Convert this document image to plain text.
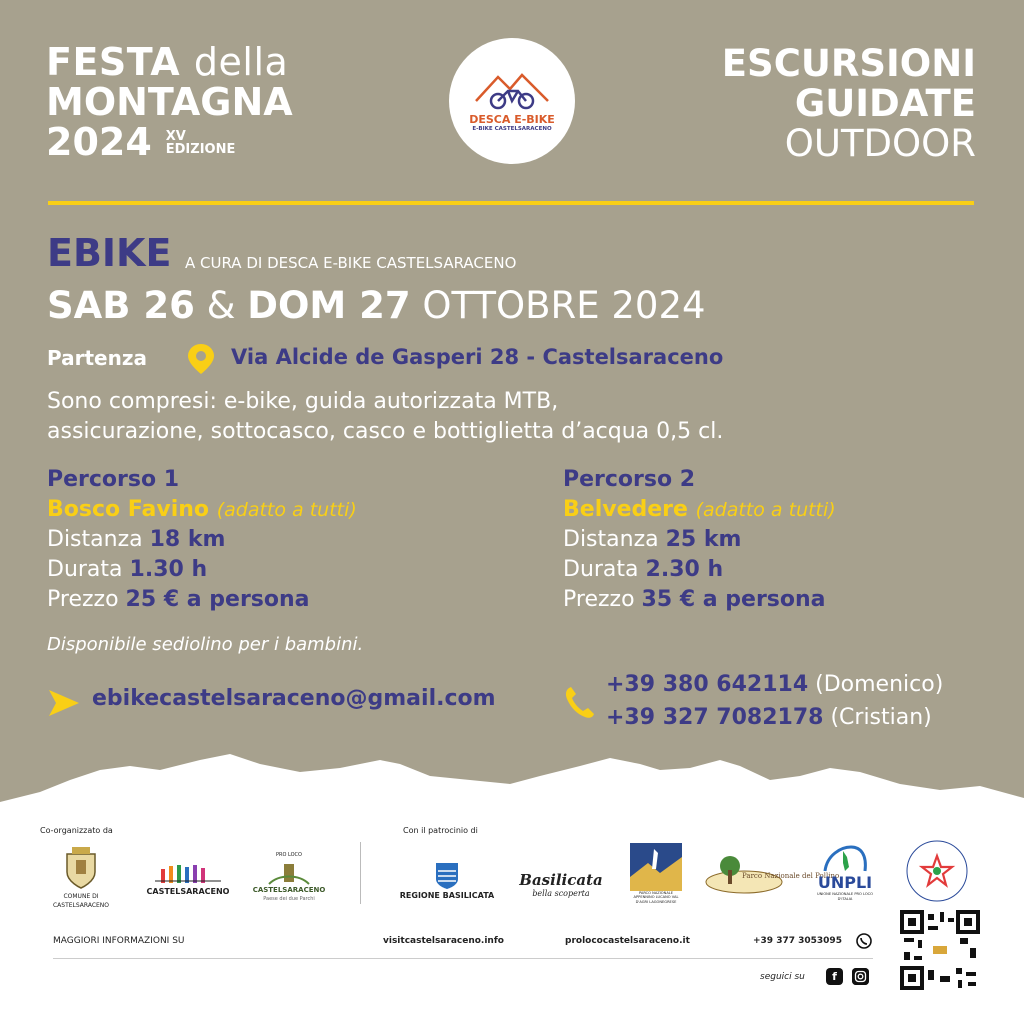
FESTA della
MONTAGNA
2024 XV
EDIZIONE
DESCA E-BIKE
E-BIKE CASTELSARACENO
ESCURSIONI
GUIDATE
OUTDOOR
EBIKE A CURA DI DESCA E-BIKE CASTELSARACENO
SAB 26 & DOM 27 OTTOBRE 2024
Partenza	Via Alcide de Gasperi 28 - Castelsaraceno
Sono compresi: e-bike, guida autorizzata MTB,
assicurazione, sottocasco, casco e bottiglietta d’acqua 0,5 cl.
Percorso 1
Bosco Favino (adatto a tutti)
Distanza 18 km
Durata 1.30 h
Prezzo 25 € a persona
Percorso 2
Belvedere (adatto a tutti)
Distanza 25 km
Durata 2.30 h
Prezzo 35 € a persona
Disponibile sediolino per i bambini.
ebikecastelsaraceno@gmail.com
+39 380 642114 (Domenico)
+39 327 7082178 (Cristian)
Co-organizzato da	Con il patrocinio di
COMUNE DI CASTELSARACENO
CASTELSARACENO
PRO LOCO
CASTELSARACENO
Paese dei due Parchi	REGIONE BASILICATA
Basilicata
bella scoperta	PARCO NAZIONALE APPENNINO LUCANO VAL D'AGRI LAGONEGRESE
Parco Nazionale del Pollino
UNPLI
UNIONE NAZIONALE PRO LOCO D'ITALIA
MAGGIORI INFORMAZIONI SU	visitcastelsaraceno.info	prolococastelsaraceno.it	+39 377 3053095
seguici su	f
